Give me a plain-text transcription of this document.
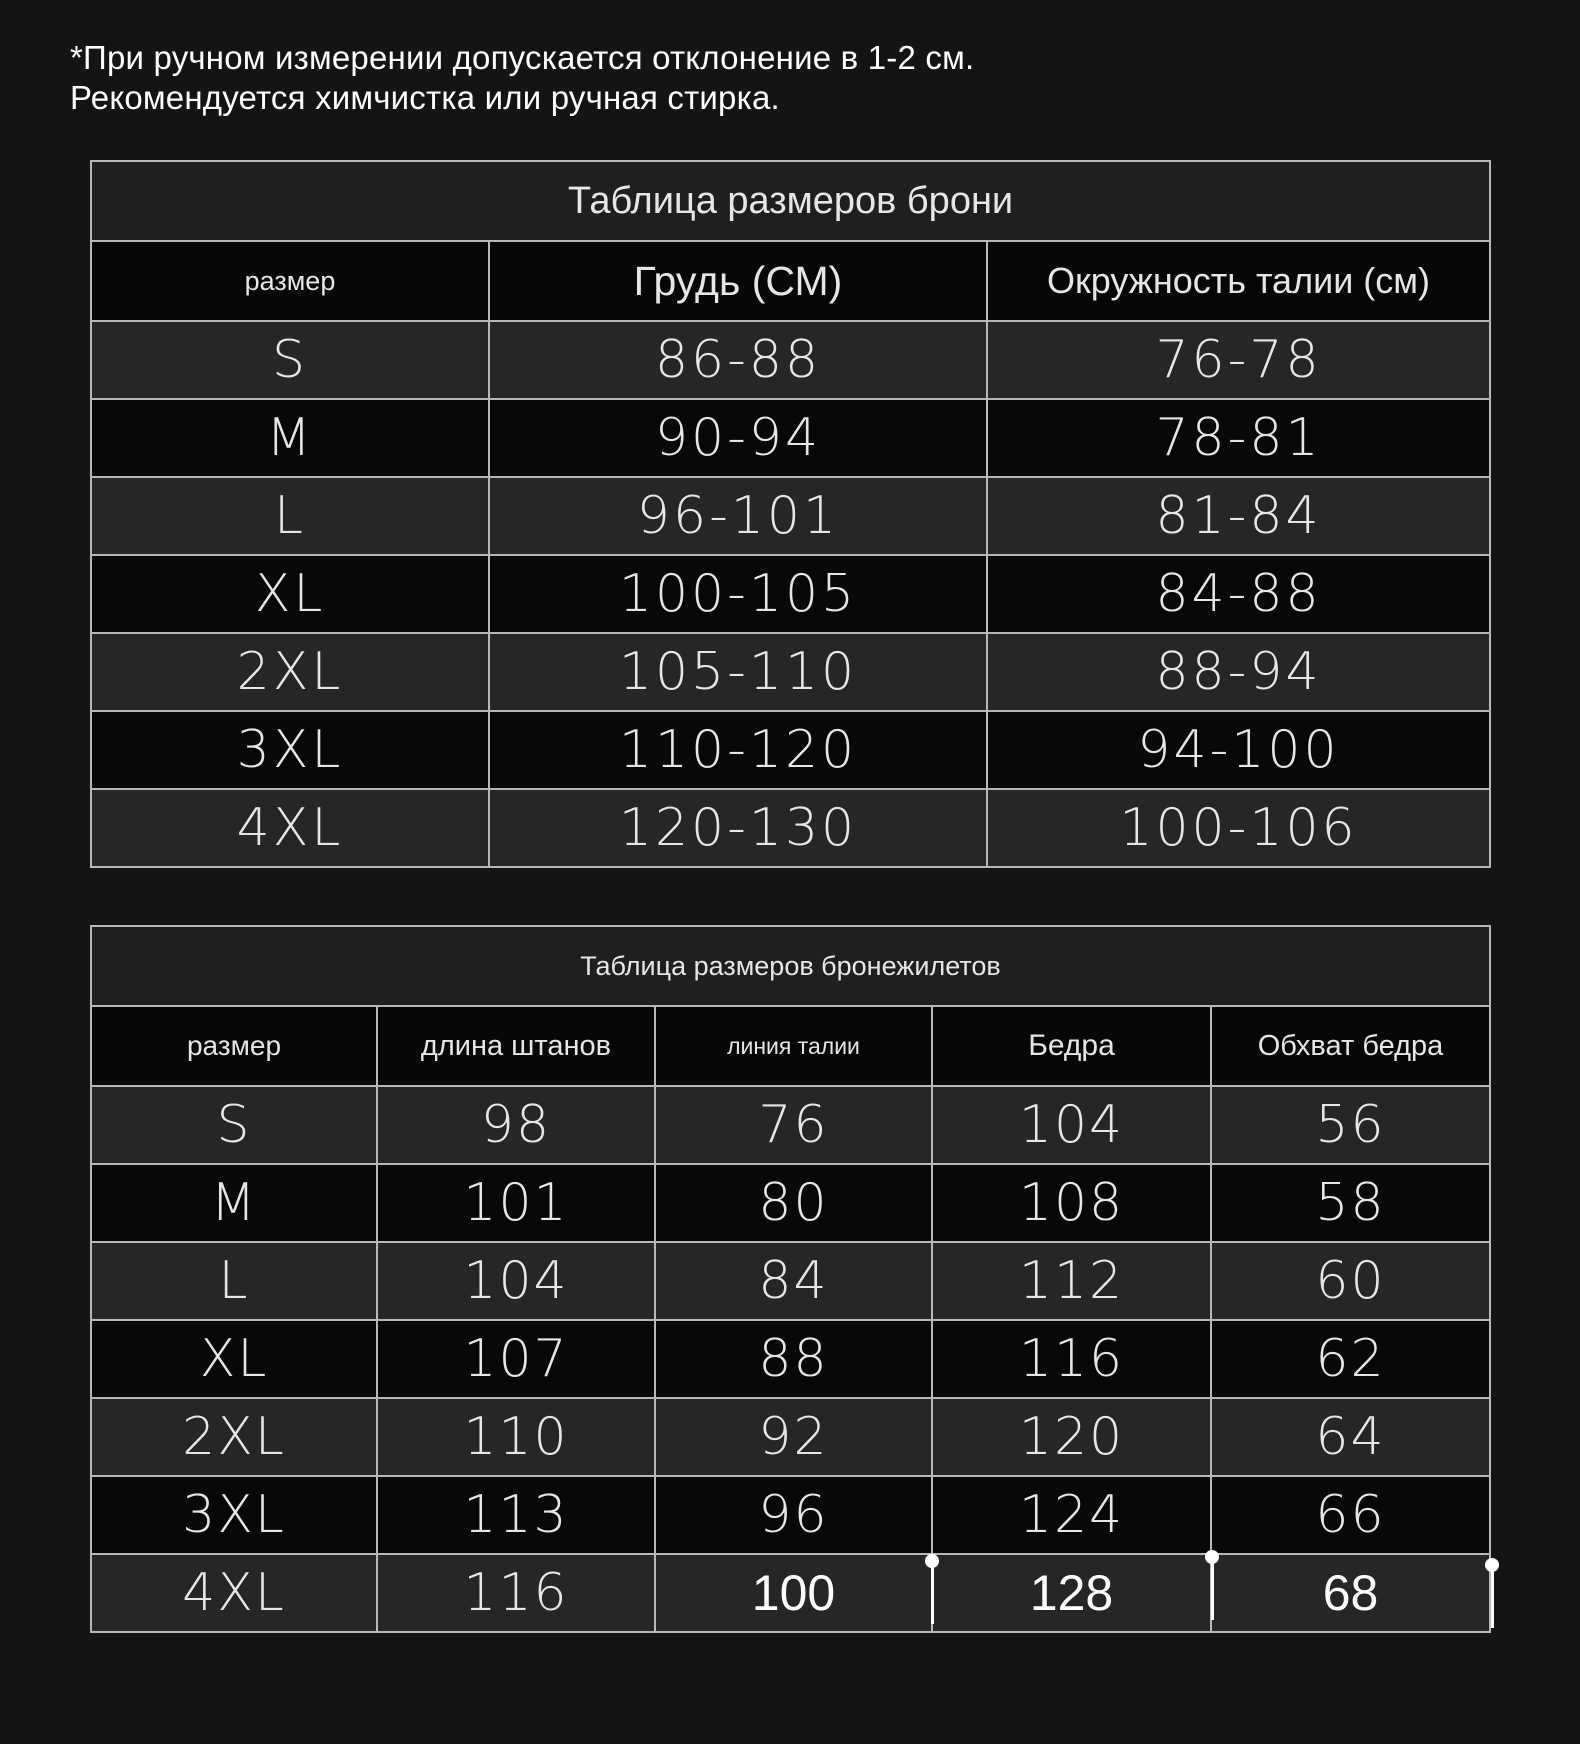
*При ручном измерении допускается отклонение в 1-2 см.
Рекомендуется химчистка или ручная стирка.
Таблица размеров брони		
размер	Грудь (СМ)	Окружность талии (см)
S	86-88	76-78
M	90-94	78-81
L	96-101	81-84
XL	100-105	84-88
2XL	105-110	88-94
3XL	110-120	94-100
4XL	120-130	100-106
Таблица размеров бронежилетов				
размер	длина штанов	линия талии	Бедра	Обхват бедра
S	98	76	104	56
M	101	80	108	58
L	104	84	112	60
XL	107	88	116	62
2XL	110	92	120	64
3XL	113	96	124	66
4XL	116	100	128	68
